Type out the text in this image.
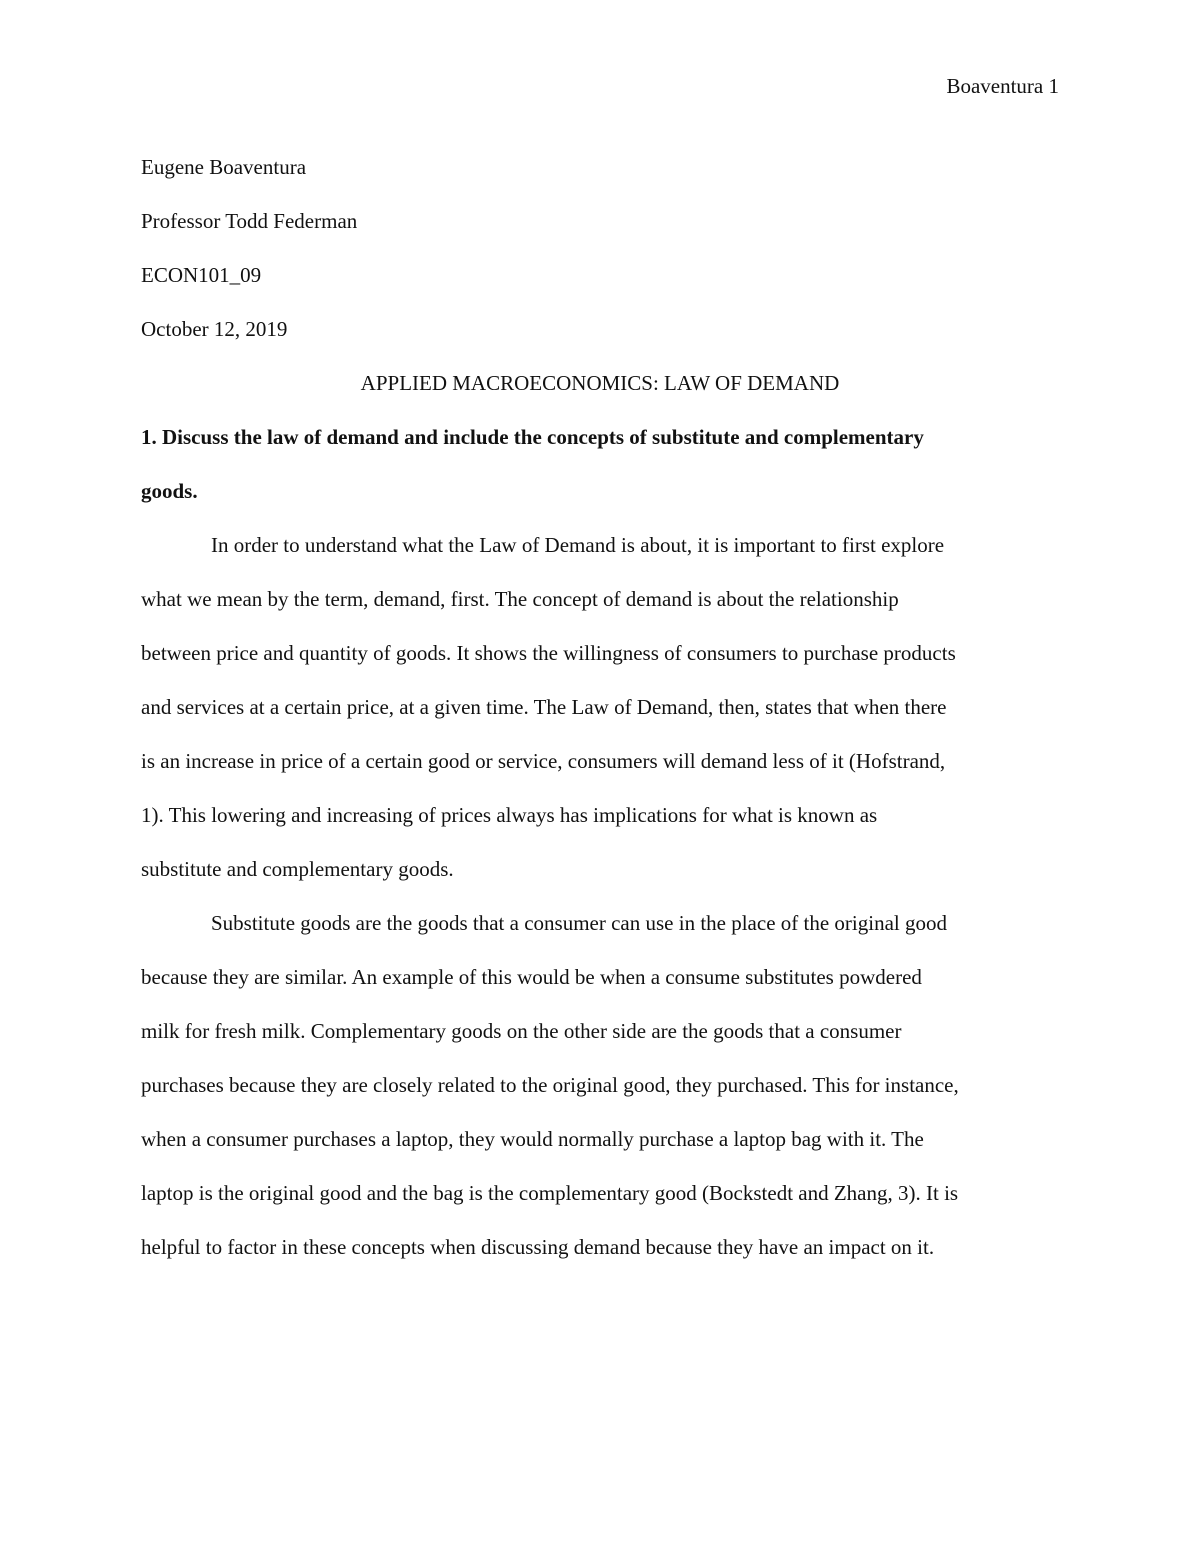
Boaventura 1

Eugene Boaventura

Professor Todd Federman

ECON101_09

October 12, 2019

APPLIED MACROECONOMICS: LAW OF DEMAND

1. Discuss the law of demand and include the concepts of substitute and complementary
goods.
In order to understand what the Law of Demand is about, it is important to first explore
what we mean by the term, demand, first. The concept of demand is about the relationship
between price and quantity of goods. It shows the willingness of consumers to purchase products
and services at a certain price, at a given time. The Law of Demand, then, states that when there
is an increase in price of a certain good or service, consumers will demand less of it (Hofstrand,
1). This lowering and increasing of prices always has implications for what is known as
substitute and complementary goods.
Substitute goods are the goods that a consumer can use in the place of the original good
because they are similar. An example of this would be when a consume substitutes powdered
milk for fresh milk. Complementary goods on the other side are the goods that a consumer
purchases because they are closely related to the original good, they purchased. This for instance,
when a consumer purchases a laptop, they would normally purchase a laptop bag with it. The
laptop is the original good and the bag is the complementary good (Bockstedt and Zhang, 3). It is
helpful to factor in these concepts when discussing demand because they have an impact on it.
